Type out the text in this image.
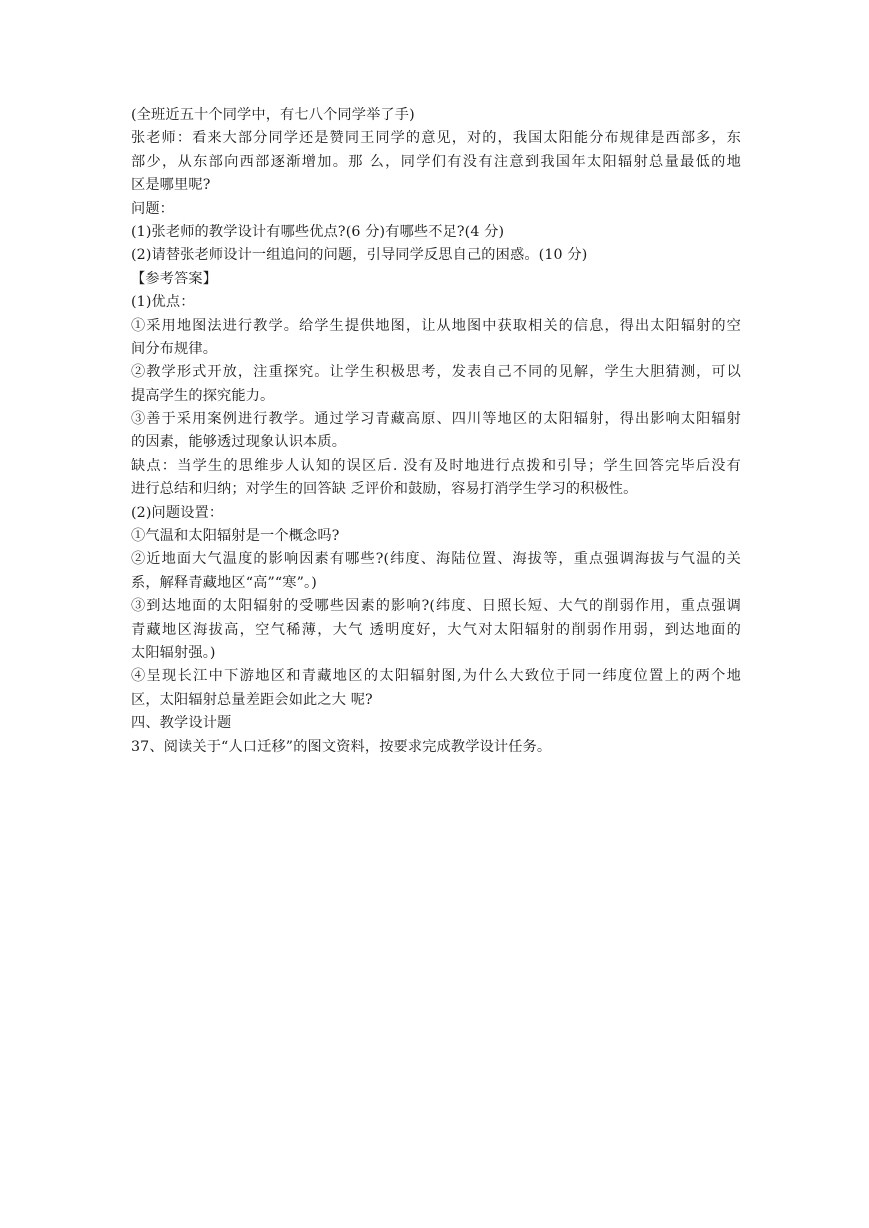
(全班近五十个同学中，有七八个同学举了手)
张老师：看来大部分同学还是赞同王同学的意见，对的，我国太阳能分布规律是西部多，东
部少，从东部向西部逐渐增加。那 么，同学们有没有注意到我国年太阳辐射总量最低的地
区是哪里呢?
问题：
(1)张老师的教学设计有哪些优点?(6 分)有哪些不足?(4 分)
(2)请替张老师设计一组追问的问题，引导同学反思自己的困惑。(10 分)
【参考答案】
(1)优点：
①采用地图法进行教学。给学生提供地图，让从地图中获取相关的信息，得出太阳辐射的空
间分布规律。
②教学形式开放，注重探究。让学生积极思考，发表自己不同的见解，学生大胆猜测，可以
提高学生的探究能力。
③善于采用案例进行教学。通过学习青藏高原、四川等地区的太阳辐射，得出影响太阳辐射
的因素，能够透过现象认识本质。
缺点：当学生的思维步人认知的误区后. 没有及时地进行点拨和引导；学生回答完毕后没有
进行总结和归纳；对学生的回答缺 乏评价和鼓励，容易打消学生学习的积极性。
(2)问题设置：
①气温和太阳辐射是一个概念吗?
②近地面大气温度的影响因素有哪些?(纬度、海陆位置、海拔等，重点强调海拔与气温的关
系，解释青藏地区“高”“寒”。)
③到达地面的太阳辐射的受哪些因素的影响?(纬度、日照长短、大气的削弱作用，重点强调
青藏地区海拔高，空气稀薄，大气 透明度好，大气对太阳辐射的削弱作用弱，到达地面的
太阳辐射强。)
④呈现长江中下游地区和青藏地区的太阳辐射图,为什么大致位于同一纬度位置上的两个地
区，太阳辐射总量差距会如此之大 呢?
四、教学设计题
37、阅读关于“人口迁移”的图文资料，按要求完成教学设计任务。
